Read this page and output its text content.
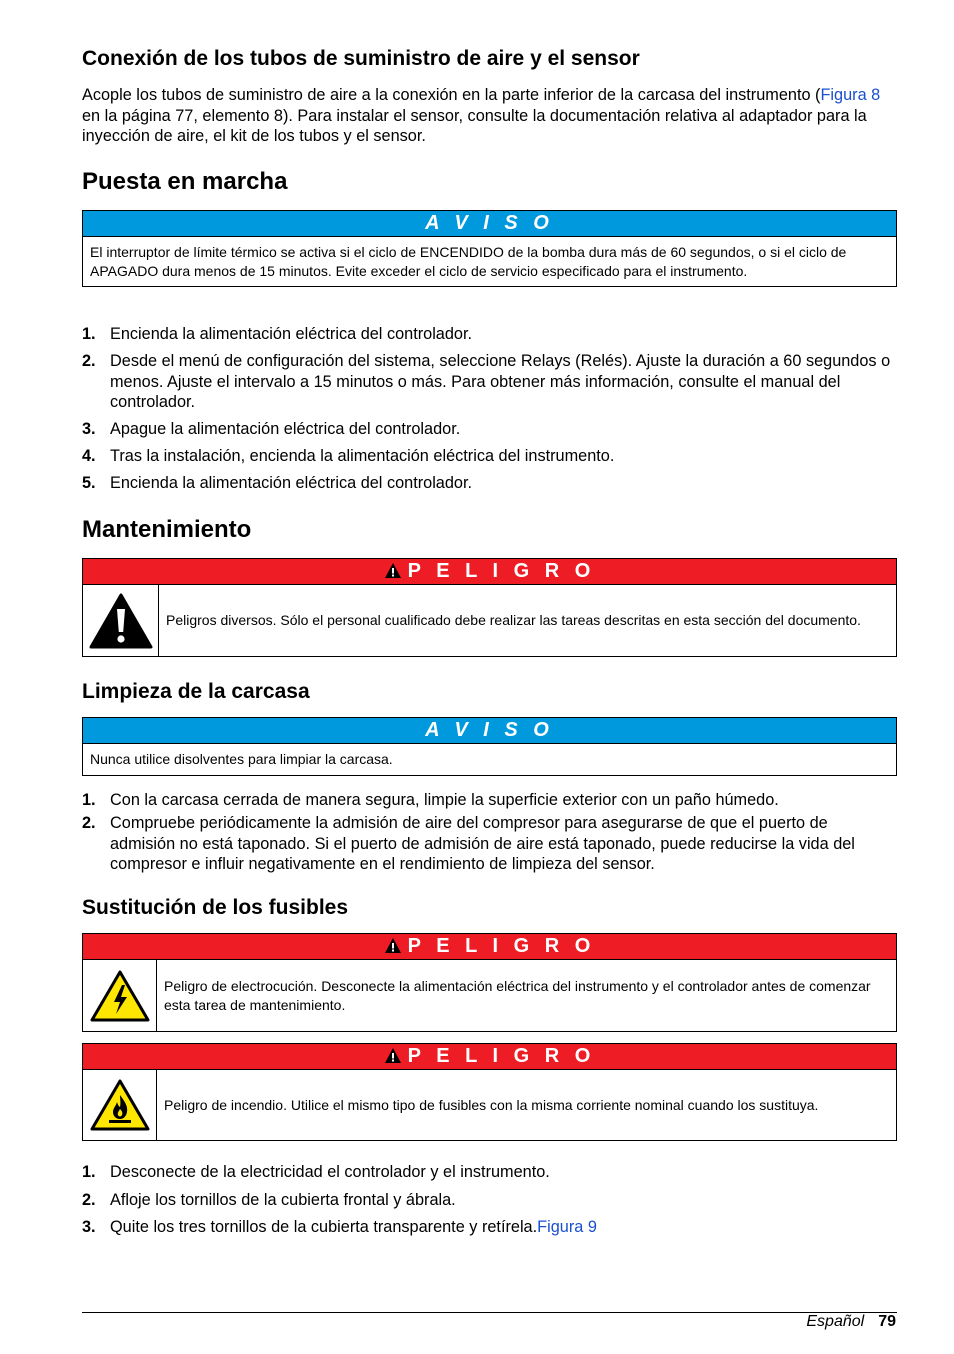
Conexión de los tubos de suministro de aire y el sensor

Acople los tubos de suministro de aire a la conexión en la parte inferior de la carcasa del instrumento (Figura 8 en la página 77, elemento 8). Para instalar el sensor, consulte la documentación relativa al adaptador para la inyección de aire, el kit de los tubos y el sensor.

Puesta en marcha
A V I S O
El interruptor de límite térmico se activa si el ciclo de ENCENDIDO de la bomba dura más de 60 segundos, o si el ciclo de APAGADO dura menos de 15 minutos. Evite exceder el ciclo de servicio especificado para el instrumento.
1. Encienda la alimentación eléctrica del controlador.
2. Desde el menú de configuración del sistema, seleccione Relays (Relés). Ajuste la duración a 60 segundos o menos. Ajuste el intervalo a 15 minutos o más. Para obtener más información, consulte el manual del controlador.
3. Apague la alimentación eléctrica del controlador.
4. Tras la instalación, encienda la alimentación eléctrica del instrumento.
5. Encienda la alimentación eléctrica del controlador.
Mantenimiento
P E L I G R O
Peligros diversos. Sólo el personal cualificado debe realizar las tareas descritas en esta sección del documento.
Limpieza de la carcasa
A V I S O
Nunca utilice disolventes para limpiar la carcasa.
1. Con la carcasa cerrada de manera segura, limpie la superficie exterior con un paño húmedo.
2. Compruebe periódicamente la admisión de aire del compresor para asegurarse de que el puerto de admisión no está taponado. Si el puerto de admisión de aire está taponado, puede reducirse la vida del compresor e influir negativamente en el rendimiento de limpieza del sensor.
Sustitución de los fusibles
P E L I G R O
Peligro de electrocución. Desconecte la alimentación eléctrica del instrumento y el controlador antes de comenzar esta tarea de mantenimiento.
P E L I G R O
Peligro de incendio. Utilice el mismo tipo de fusibles con la misma corriente nominal cuando los sustituya.
1. Desconecte de la electricidad el controlador y el instrumento.
2. Afloje los tornillos de la cubierta frontal y ábrala.
3. Quite los tres tornillos de la cubierta transparente y retírela.Figura 9
Español 79
